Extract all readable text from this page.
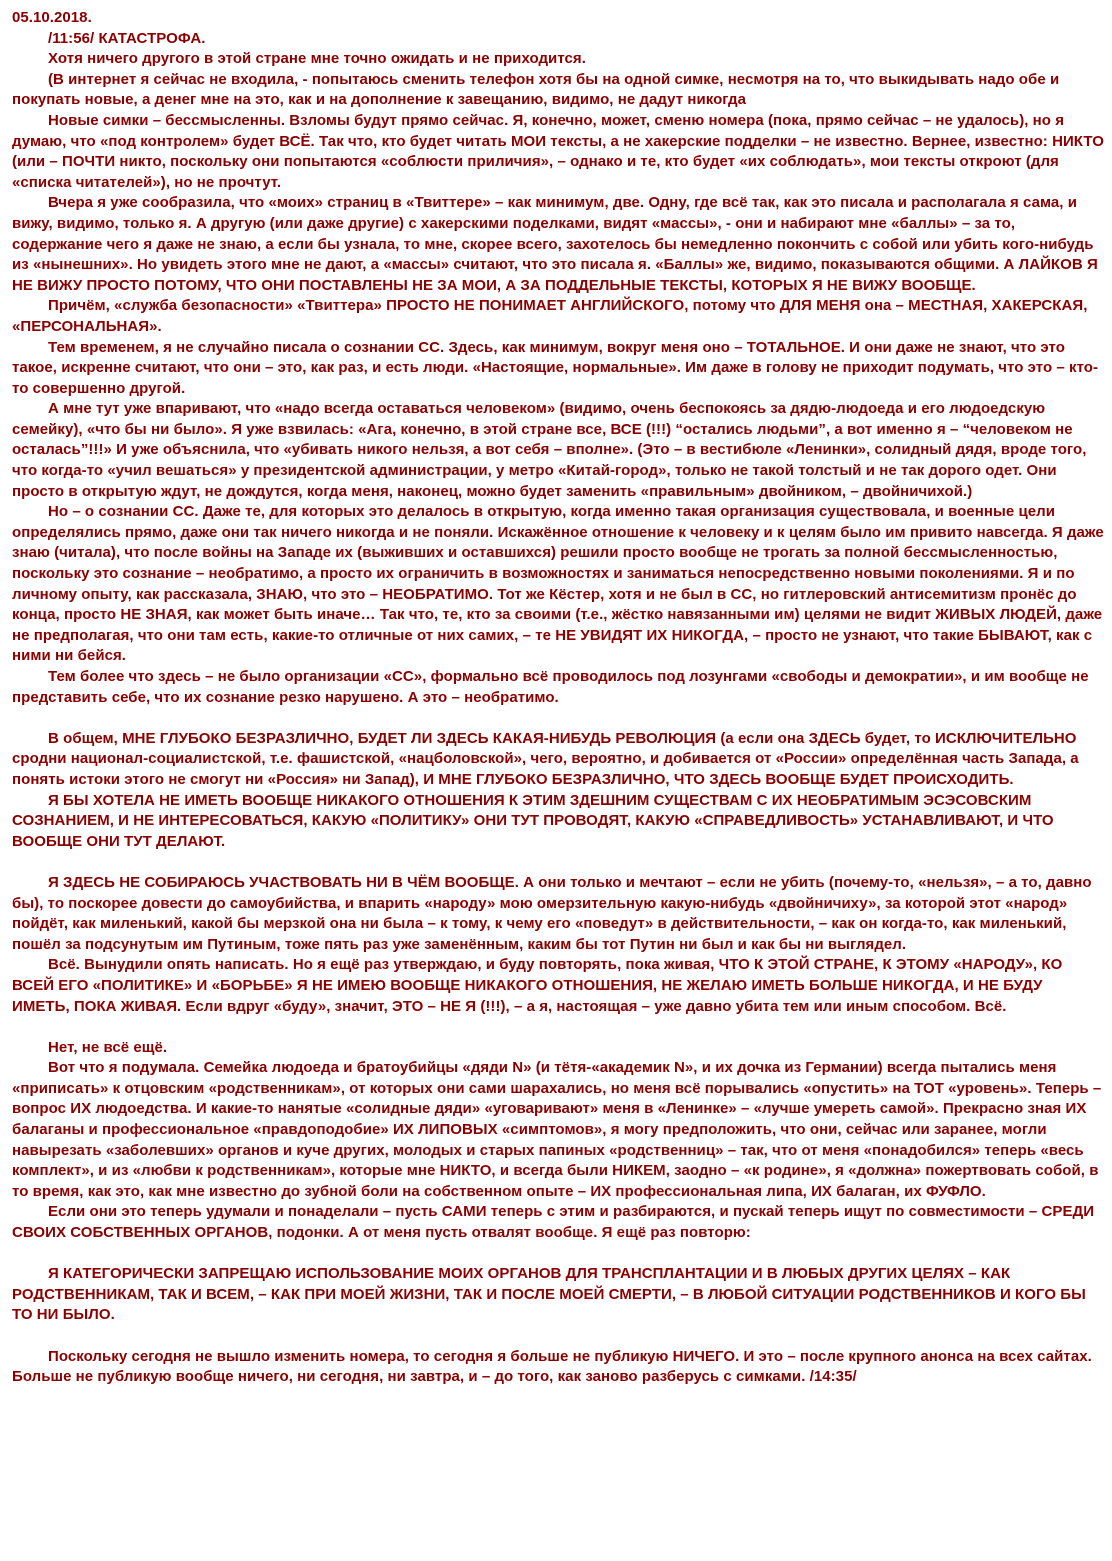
05.10.2018.

/11:56/ КАТАСТРОФА.

Хотя ничего другого в этой стране мне точно ожидать и не приходится.

(В интернет я сейчас не входила, - попытаюсь сменить телефон хотя бы на одной симке, несмотря на то, что выкидывать надо обе и покупать новые, а денег мне на это, как и на дополнение к завещанию, видимо, не дадут никогда

Новые симки – бессмысленны. Взломы будут прямо сейчас. Я, конечно, может, сменю номера (пока, прямо сейчас – не удалось), но я думаю, что «под контролем» будет ВСЁ. Так что, кто будет читать МОИ тексты, а не хакерские подделки – не известно. Вернее, известно: НИКТО (или – ПОЧТИ никто, поскольку они попытаются «соблюсти приличия», – однако и те, кто будет «их соблюдать», мои тексты откроют (для «списка читателей»), но не прочтут.

Вчера я уже сообразила, что «моих» страниц в «Твиттере» – как минимум, две. Одну, где всё так, как это писала и располагала я сама, и вижу, видимо, только я. А другую (или даже другие) с хакерскими поделками, видят «массы», - они и набирают мне «баллы» – за то, содержание чего я даже не знаю, а если бы узнала, то мне, скорее всего, захотелось бы немедленно покончить с собой или убить кого-нибудь из «нынешних». Но увидеть этого мне не дают, а «массы» считают, что это писала я. «Баллы» же, видимо, показываются общими. А ЛАЙКОВ Я НЕ ВИЖУ ПРОСТО ПОТОМУ, ЧТО ОНИ ПОСТАВЛЕНЫ НЕ ЗА МОИ, А ЗА ПОДДЕЛЬНЫЕ ТЕКСТЫ, КОТОРЫХ Я НЕ ВИЖУ ВООБЩЕ.

Причём, «служба безопасности» «Твиттера» ПРОСТО НЕ ПОНИМАЕТ АНГЛИЙСКОГО, потому что ДЛЯ МЕНЯ она – МЕСТНАЯ, ХАКЕРСКАЯ, «ПЕРСОНАЛЬНАЯ».

Тем временем, я не случайно писала о сознании СС. Здесь, как минимум, вокруг меня оно – ТОТАЛЬНОЕ. И они даже не знают, что это такое, искренне считают, что они – это, как раз, и есть люди. «Настоящие, нормальные». Им даже в голову не приходит подумать, что это – кто-то совершенно другой.

А мне тут уже впаривают, что «надо всегда оставаться человеком» (видимо, очень беспокоясь за дядю-людоеда и его людоедскую семейку), «что бы ни было». Я уже взвилась: «Ага, конечно, в этой стране все, ВСЕ (!!!) “остались людьми”, а вот именно я – “человеком не осталась”!!!» И уже объяснила, что «убивать никого нельзя, а вот себя – вполне». (Это – в вестибюле «Ленинки», солидный дядя, вроде того, что когда-то «учил вешаться» у президентской администрации, у метро «Китай-город», только не такой толстый и не так дорого одет. Они просто в открытую ждут, не дождутся, когда меня, наконец, можно будет заменить «правильным» двойником, – двойничихой.)

Но – о сознании СС. Даже те, для которых это делалось в открытую, когда именно такая организация существовала, и военные цели определялись прямо, даже они так ничего никогда и не поняли. Искажённое отношение к человеку и к целям было им привито навсегда. Я даже знаю (читала), что после войны на Западе их (выживших и оставшихся) решили просто вообще не трогать за полной бессмысленностью, поскольку это сознание – необратимо, а просто их ограничить в возможностях и заниматься непосредственно новыми поколениями. Я и по личному опыту, как рассказала, ЗНАЮ, что это – НЕОБРАТИМО. Тот же Кёстер, хотя и не был в СС, но гитлеровский антисемитизм пронёс до конца, просто НЕ ЗНАЯ, как может быть иначе… Так что, те, кто за своими (т.е., жёстко навязанными им) целями не видит ЖИВЫХ ЛЮДЕЙ, даже не предполагая, что они там есть, какие-то отличные от них самих, – те НЕ УВИДЯТ ИХ НИКОГДА, – просто не узнают, что такие БЫВАЮТ, как с ними ни бейся.

Тем более что здесь – не было организации «СС», формально всё проводилось под лозунгами «свободы и демократии», и им вообще не представить себе, что их сознание резко нарушено. А это – необратимо.

В общем, МНЕ ГЛУБОКО БЕЗРАЗЛИЧНО, БУДЕТ ЛИ ЗДЕСЬ КАКАЯ-НИБУДЬ РЕВОЛЮЦИЯ (а если она ЗДЕСЬ будет, то ИСКЛЮЧИТЕЛЬНО сродни национал-социалистской, т.е. фашистской, «нацболовской», чего, вероятно, и добивается от «России» определённая часть Запада, а понять истоки этого не смогут ни «Россия» ни Запад), И МНЕ ГЛУБОКО БЕЗРАЗЛИЧНО, ЧТО ЗДЕСЬ ВООБЩЕ БУДЕТ ПРОИСХОДИТЬ.

Я БЫ ХОТЕЛА НЕ ИМЕТЬ ВООБЩЕ НИКАКОГО ОТНОШЕНИЯ К ЭТИМ ЗДЕШНИМ СУЩЕСТВАМ С ИХ НЕОБРАТИМЫМ ЭСЭСОВСКИМ СОЗНАНИЕМ, И НЕ ИНТЕРЕСОВАТЬСЯ, КАКУЮ «ПОЛИТИКУ» ОНИ ТУТ ПРОВОДЯТ, КАКУЮ «СПРАВЕДЛИВОСТЬ» УСТАНАВЛИВАЮТ, И ЧТО ВООБЩЕ ОНИ ТУТ ДЕЛАЮТ.

Я ЗДЕСЬ НЕ СОБИРАЮСЬ УЧАСТВОВАТЬ НИ В ЧЁМ ВООБЩЕ. А они только и мечтают – если не убить (почему-то, «нельзя», – а то, давно бы), то поскорее довести до самоубийства, и впарить «народу» мою омерзительную какую-нибудь «двойничиху», за которой этот «народ» пойдёт, как миленький, какой бы мерзкой она ни была – к тому, к чему его «поведут» в действительности, – как он когда-то, как миленький, пошёл за подсунутым им Путиным, тоже пять раз уже заменённым, каким бы тот Путин ни был и как бы ни выглядел.

Всё. Вынудили опять написать. Но я ещё раз утверждаю, и буду повторять, пока живая, ЧТО К ЭТОЙ СТРАНЕ, К ЭТОМУ «НАРОДУ», КО ВСЕЙ ЕГО «ПОЛИТИКЕ» И «БОРЬБЕ» Я НЕ ИМЕЮ ВООБЩЕ НИКАКОГО ОТНОШЕНИЯ, НЕ ЖЕЛАЮ ИМЕТЬ БОЛЬШЕ НИКОГДА, И НЕ БУДУ ИМЕТЬ, ПОКА ЖИВАЯ. Если вдруг «буду», значит, ЭТО – НЕ Я (!!!), – а я, настоящая – уже давно убита тем или иным способом. Всё.

Нет, не всё ещё.

Вот что я подумала. Семейка людоеда и братоубийцы «дяди N» (и тётя-«академик N», и их дочка из Германии) всегда пытались меня «приписать» к отцовским «родственникам», от которых они сами шарахались, но меня всё порывались «опустить» на ТОТ «уровень». Теперь – вопрос ИХ людоедства. И какие-то нанятые «солидные дяди» «уговаривают» меня в «Ленинке» – «лучше умереть самой». Прекрасно зная ИХ балаганы и профессиональное «правдоподобие» ИХ ЛИПОВЫХ «симптомов», я могу предположить, что они, сейчас или заранее, могли навырезать «заболевших» органов и куче других, молодых и старых папиных «родственниц» – так, что от меня «понадобился» теперь «весь комплект», и из «любви к родственникам», которые мне НИКТО, и всегда были НИКЕМ, заодно – «к родине», я «должна» пожертвовать собой, в то время, как это, как мне известно до зубной боли на собственном опыте – ИХ профессиональная липа, ИХ балаган, их ФУФЛО.

Если они это теперь удумали и понаделали – пусть САМИ теперь с этим и разбираются, и пускай теперь ищут по совместимости – СРЕДИ СВОИХ СОБСТВЕННЫХ ОРГАНОВ, подонки. А от меня пусть отвалят вообще. Я ещё раз повторю:

Я КАТЕГОРИЧЕСКИ ЗАПРЕЩАЮ ИСПОЛЬЗОВАНИЕ МОИХ ОРГАНОВ ДЛЯ ТРАНСПЛАНТАЦИИ И В ЛЮБЫХ ДРУГИХ ЦЕЛЯХ – КАК РОДСТВЕННИКАМ, ТАК И ВСЕМ, – КАК ПРИ МОЕЙ ЖИЗНИ, ТАК И ПОСЛЕ МОЕЙ СМЕРТИ, – В ЛЮБОЙ СИТУАЦИИ РОДСТВЕННИКОВ И КОГО БЫ ТО НИ БЫЛО.

Поскольку сегодня не вышло изменить номера, то сегодня я больше не публикую НИЧЕГО. И это – после крупного анонса на всех сайтах. Больше не публикую вообще ничего, ни сегодня, ни завтра, и – до того, как заново разберусь с симками. /14:35/
